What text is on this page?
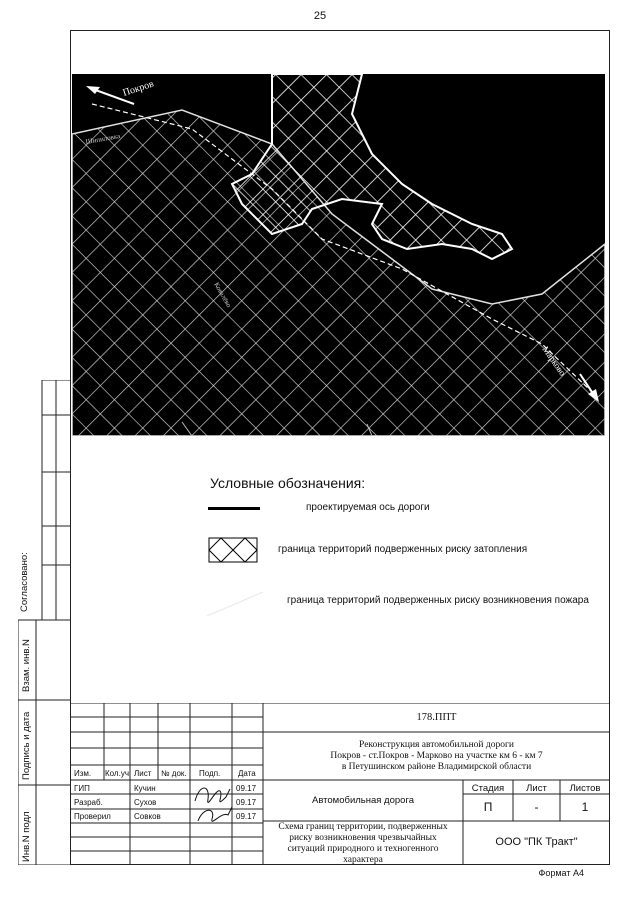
25
Покров
Марково
Шипиловка
Ковалёво
Условные обозначения:
проектируемая ось дороги
граница территорий подверженных риску затопления
граница территорий подверженных риску возникновения пожара
Согласовано:
Взам. инв.N
Подпись и дата
Инв.N подл
178.ППТ
Реконструкция автомобильной дороги
Покров - ст.Покров - Марково на участке км 6 - км 7
в Петушинском районе Владимирской области
Изм. Кол.уч Лист № док. Подп. Дата
ГИП	Кучин	09.17
Разраб.	Сухов	09.17
Проверил	Совков	09.17
Автомобильная дорога
Стадия	Лист	Листов
П	-	1
Схема границ территории, подверженных
риску возникновения чрезвычайных
ситуаций природного и техногенного
характера
ООО "ПК Тракт"
Формат А4
